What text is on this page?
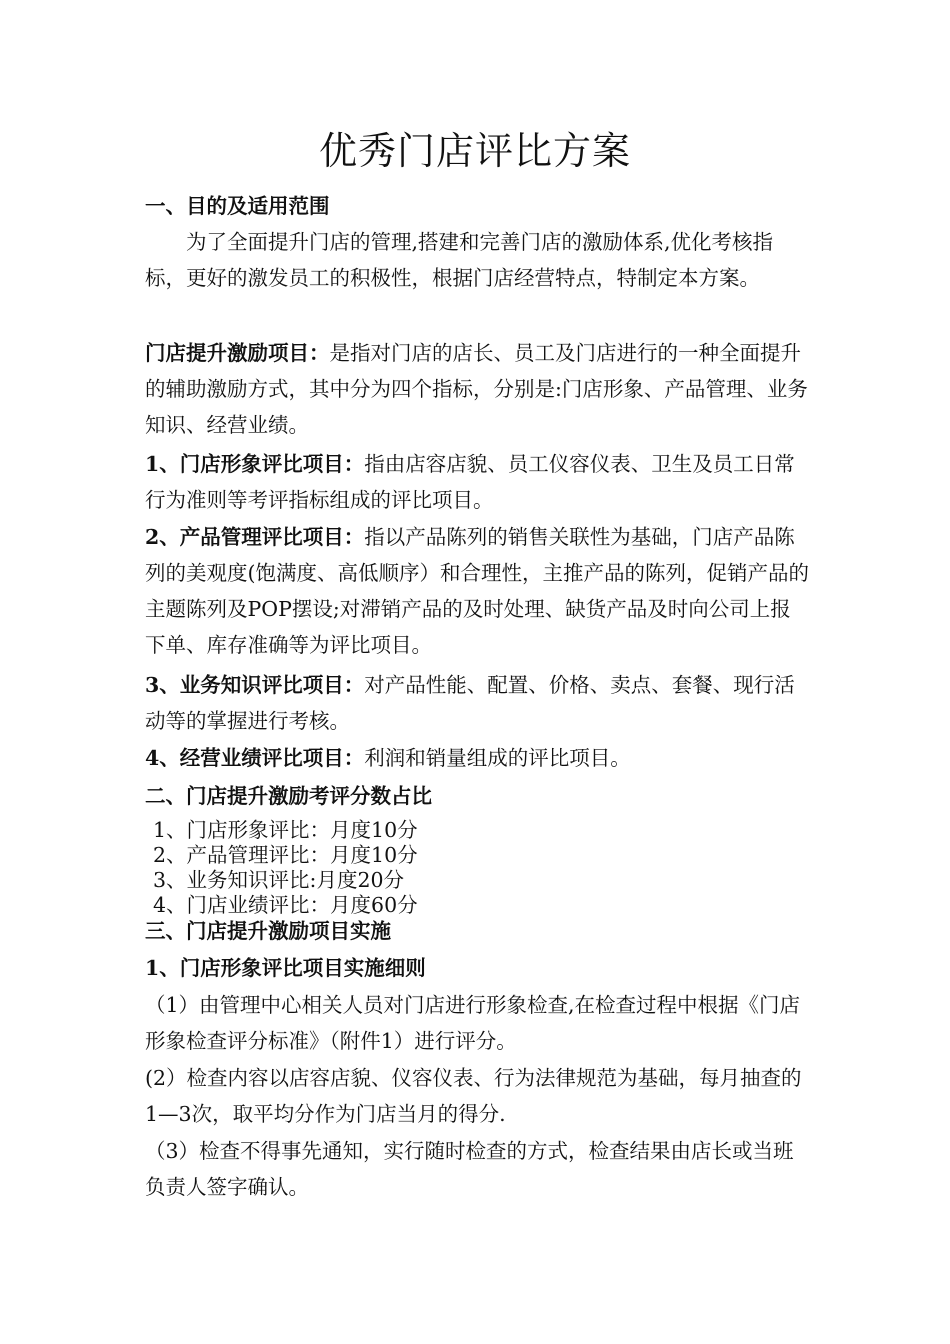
优秀门店评比方案

一、目的及适用范围

为了全面提升门店的管理,搭建和完善门店的激励体系,优化考核指标，更好的激发员工的积极性，根据门店经营特点，特制定本方案。

门店提升激励项目：是指对门店的店长、员工及门店进行的一种全面提升的辅助激励方式，其中分为四个指标，分别是:门店形象、产品管理、业务知识、经营业绩。

1、门店形象评比项目：指由店容店貌、员工仪容仪表、卫生及员工日常行为准则等考评指标组成的评比项目。

2、产品管理评比项目：指以产品陈列的销售关联性为基础，门店产品陈列的美观度(饱满度、高低顺序）和合理性，主推产品的陈列，促销产品的主题陈列及POP摆设;对滞销产品的及时处理、缺货产品及时向公司上报下单、库存准确等为评比项目。

3、业务知识评比项目：对产品性能、配置、价格、卖点、套餐、现行活动等的掌握进行考核。

4、经营业绩评比项目：利润和销量组成的评比项目。

二、门店提升激励考评分数占比

1、门店形象评比：月度10分
2、产品管理评比：月度10分
3、业务知识评比:月度20分
4、门店业绩评比：月度60分

三、门店提升激励项目实施

1、门店形象评比项目实施细则

（1）由管理中心相关人员对门店进行形象检查,在检查过程中根据《门店形象检查评分标准》（附件1）进行评分。

(2）检查内容以店容店貌、仪容仪表、行为法律规范为基础，每月抽查的1—3次，取平均分作为门店当月的得分.

（3）检查不得事先通知，实行随时检查的方式，检查结果由店长或当班负责人签字确认。
